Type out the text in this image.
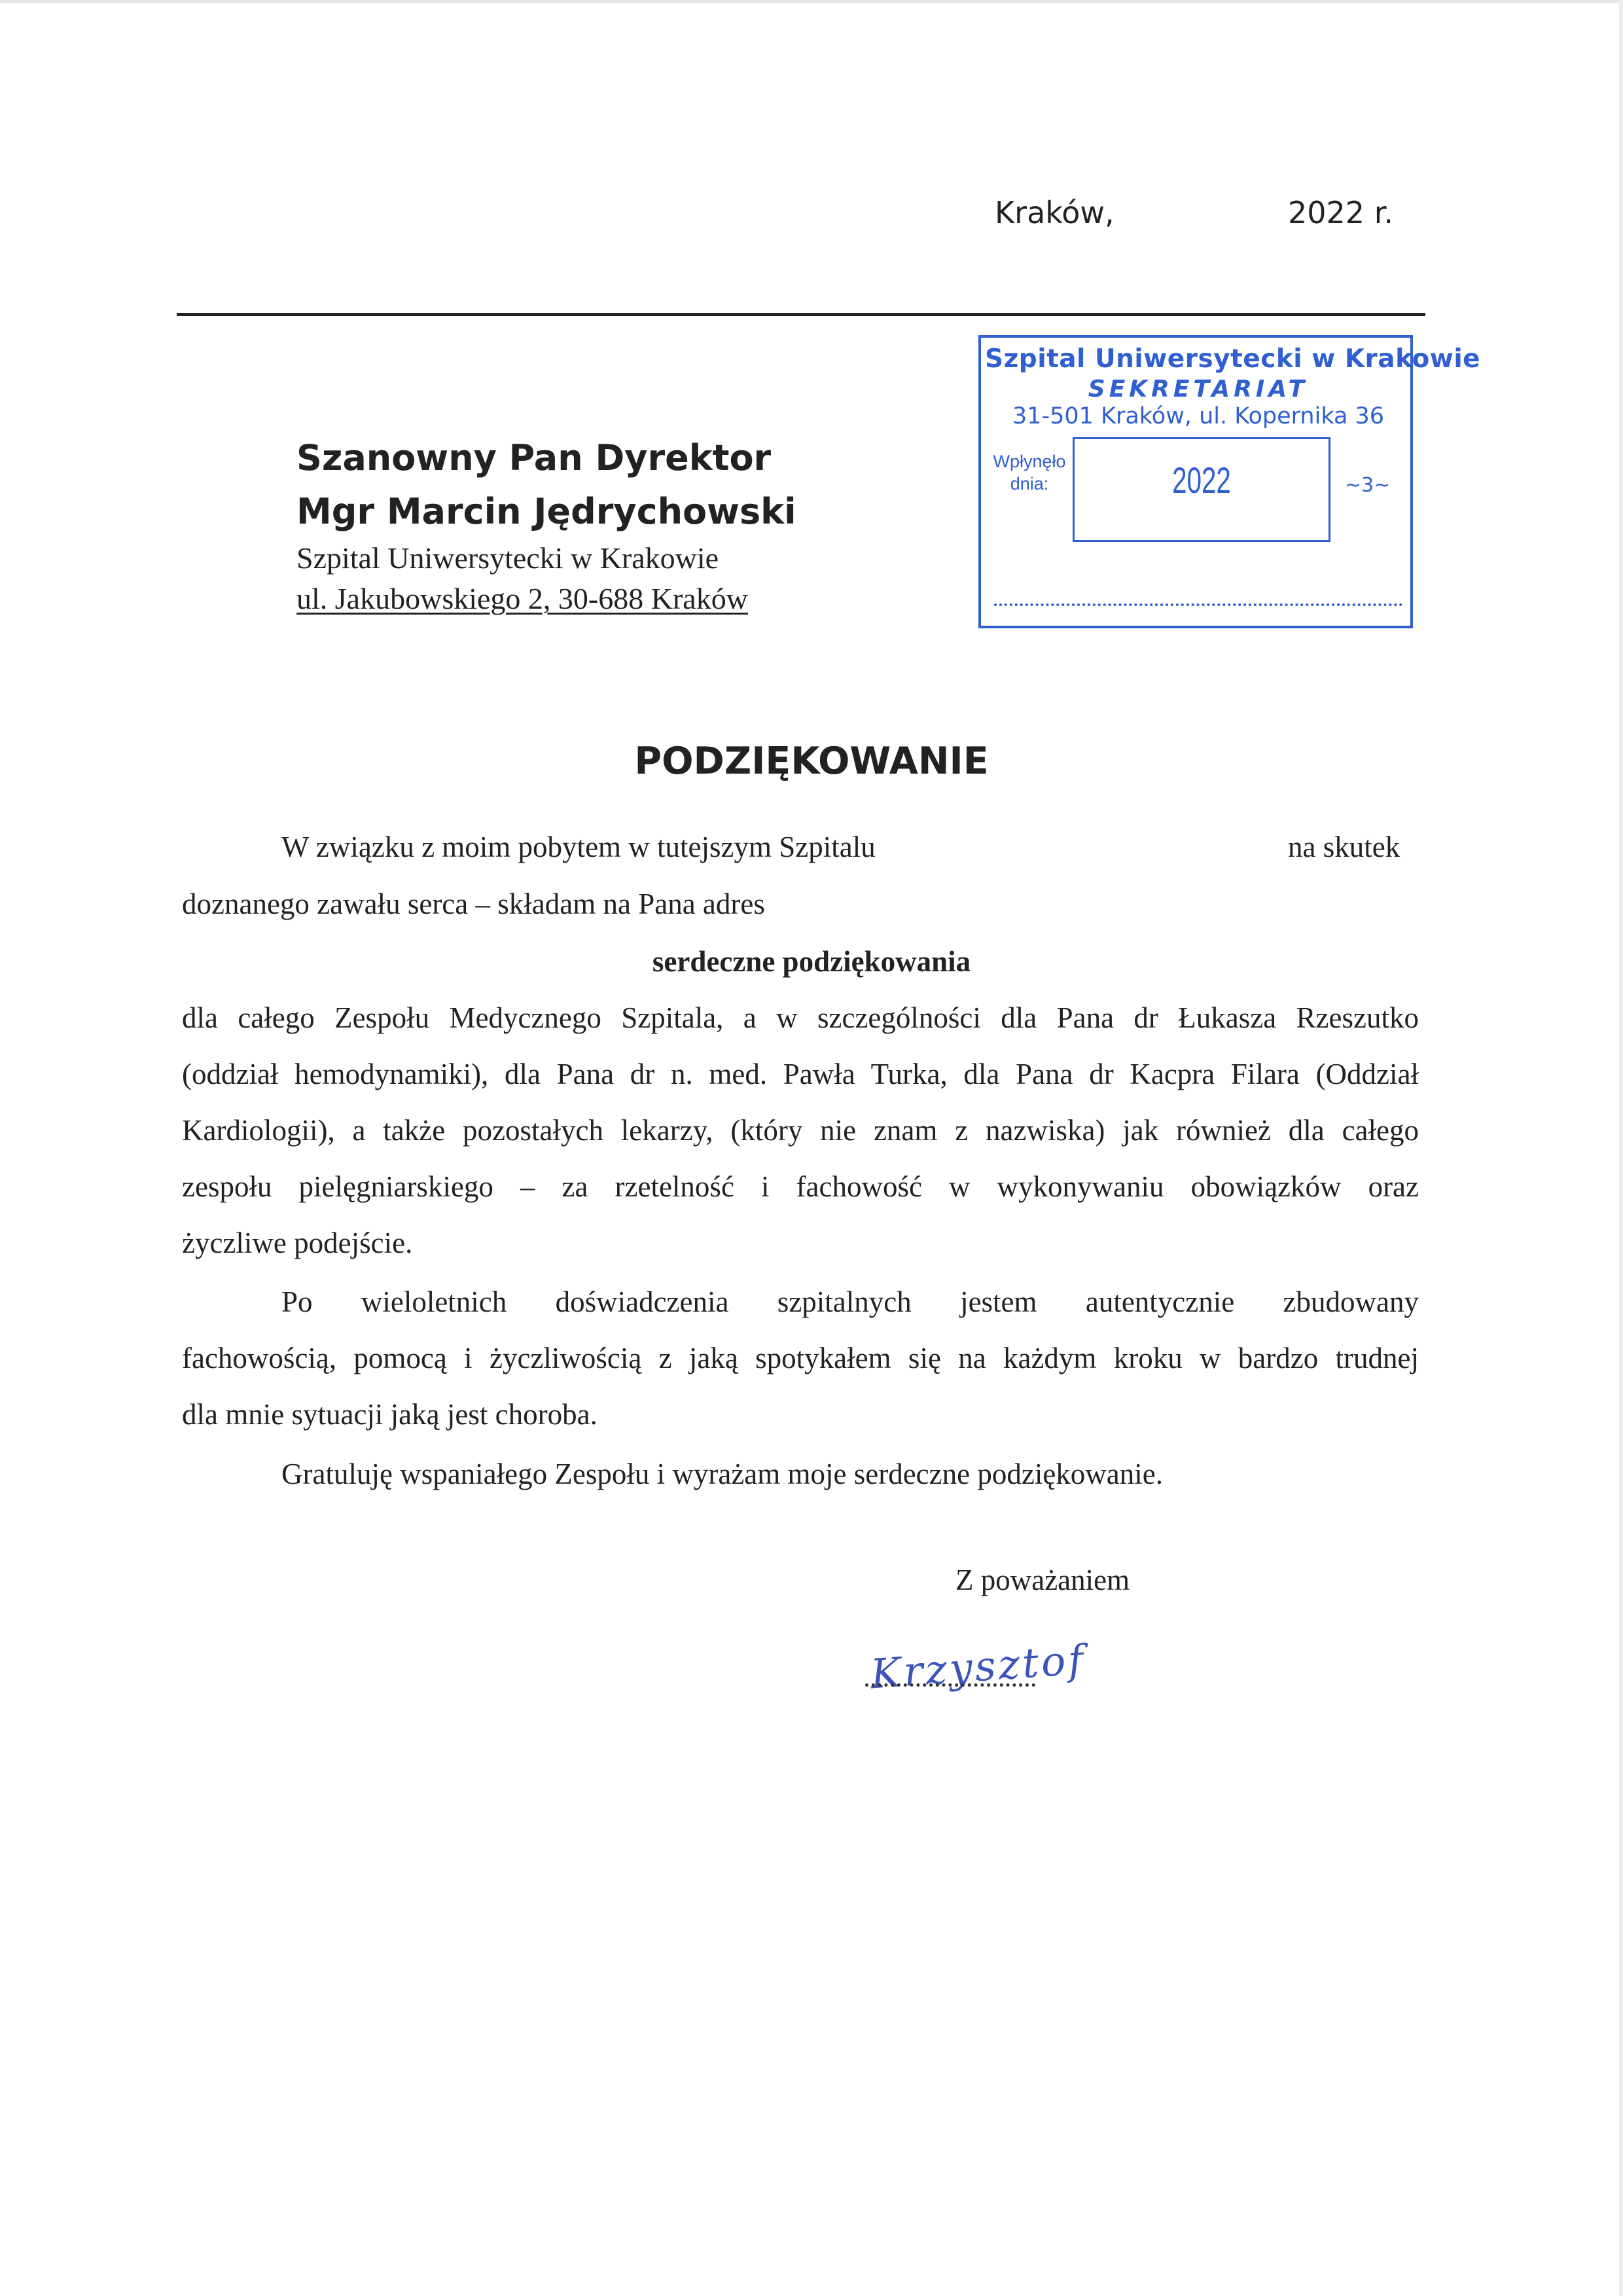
Kraków,	2022 r.
Szpital Uniwersytecki w Krakowie
SEKRETARIAT
31-501 Kraków, ul. Kopernika 36
Wpłynęło
dnia:	2022	~3~
Szanowny Pan Dyrektor
Mgr Marcin Jędrychowski
Szpital Uniwersytecki w Krakowie
ul. Jakubowskiego 2, 30-688 Kraków
PODZIĘKOWANIE
W związku z moim pobytem w tutejszym Szpitalu	na skutek
doznanego zawału serca – składam na Pana adres
serdeczne podziękowania
dla całego Zespołu Medycznego Szpitala, a w szczególności dla Pana dr Łukasza Rzeszutko
(oddział hemodynamiki), dla Pana dr n. med. Pawła Turka, dla Pana dr Kacpra Filara (Oddział
Kardiologii), a także pozostałych lekarzy, (który nie znam z nazwiska) jak również dla całego
zespołu pielęgniarskiego – za rzetelność i fachowość w wykonywaniu obowiązków oraz
życzliwe podejście.
Po wieloletnich doświadczenia szpitalnych jestem autentycznie zbudowany
fachowością, pomocą i życzliwością z jaką spotykałem się na każdym kroku w bardzo trudnej
dla mnie sytuacji jaką jest choroba.
Gratuluję wspaniałego Zespołu i wyrażam moje serdeczne podziękowanie.
Z poważaniem
Krzysztof
